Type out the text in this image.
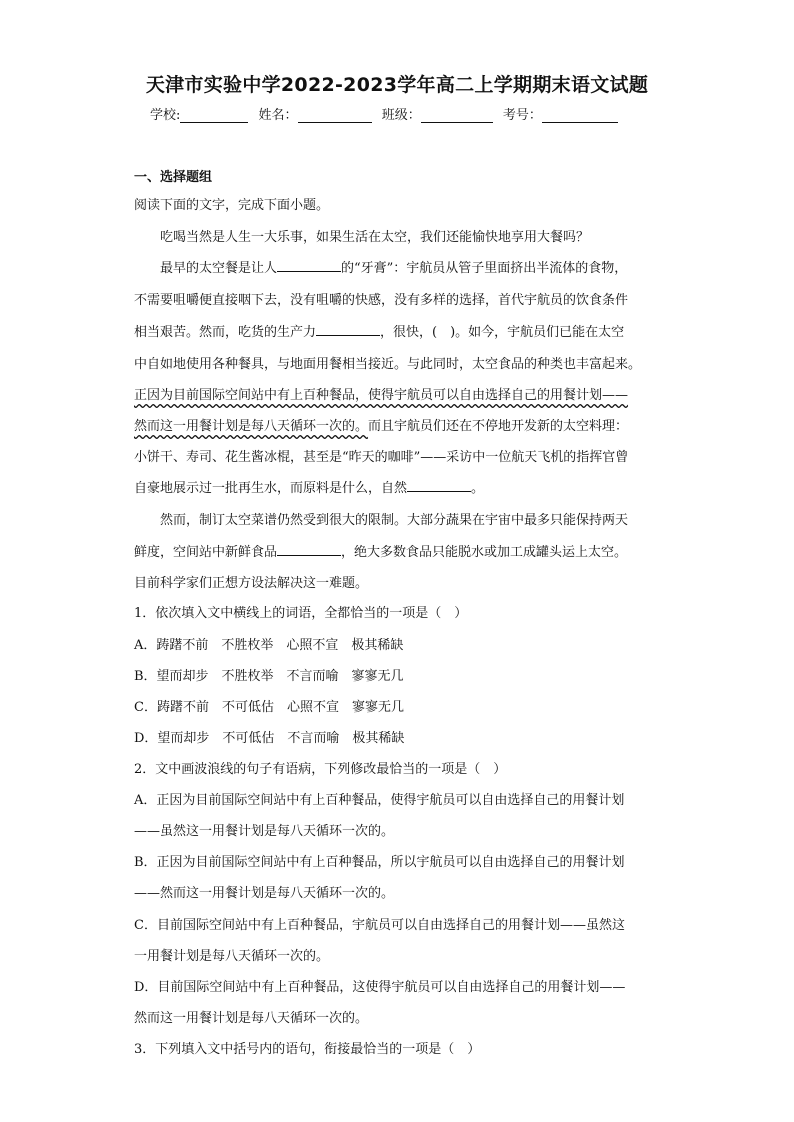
天津市实验中学2022-2023学年高二上学期期末语文试题
学校:	姓名：	班级：	考号：
一、选择题组
阅读下面的文字，完成下面小题。
吃喝当然是人生一大乐事，如果生活在太空，我们还能愉快地享用大餐吗？
最早的太空餐是让人	的“牙膏”：宇航员从管子里面挤出半流体的食物，
不需要咀嚼便直接咽下去，没有咀嚼的快感，没有多样的选择，首代宇航员的饮食条件
相当艰苦。然而，吃货的生产力	，很快，(　)。如今，宇航员们已能在太空
中自如地使用各种餐具，与地面用餐相当接近。与此同时，太空食品的种类也丰富起来。
正因为目前国际空间站中有上百种餐品，使得宇航员可以自由选择自己的用餐计划——
然而这一用餐计划是每八天循环一次的。而且宇航员们还在不停地开发新的太空料理：
小饼干、寿司、花生酱冰棍，甚至是“昨天的咖啡”——采访中一位航天飞机的指挥官曾
自豪地展示过一批再生水，而原料是什么，自然	。
然而，制订太空菜谱仍然受到很大的限制。大部分蔬果在宇宙中最多只能保持两天
鲜度，空间站中新鲜食品	，绝大多数食品只能脱水或加工成罐头运上太空。
目前科学家们正想方设法解决这一难题。
1．依次填入文中横线上的词语，全都恰当的一项是（　）
A．踌躇不前　不胜枚举　心照不宣　极其稀缺
B．望而却步　不胜枚举　不言而喻　寥寥无几
C．踌躇不前　不可低估　心照不宣　寥寥无几
D．望而却步　不可低估　不言而喻　极其稀缺
2．文中画波浪线的句子有语病，下列修改最恰当的一项是（　）
A．正因为目前国际空间站中有上百种餐品，使得宇航员可以自由选择自己的用餐计划
——虽然这一用餐计划是每八天循环一次的。
B．正因为目前国际空间站中有上百种餐品，所以宇航员可以自由选择自己的用餐计划
——然而这一用餐计划是每八天循环一次的。
C．目前国际空间站中有上百种餐品，宇航员可以自由选择自己的用餐计划——虽然这
一用餐计划是每八天循环一次的。
D．目前国际空间站中有上百种餐品，这使得宇航员可以自由选择自己的用餐计划——
然而这一用餐计划是每八天循环一次的。
3．下列填入文中括号内的语句，衔接最恰当的一项是（　）
